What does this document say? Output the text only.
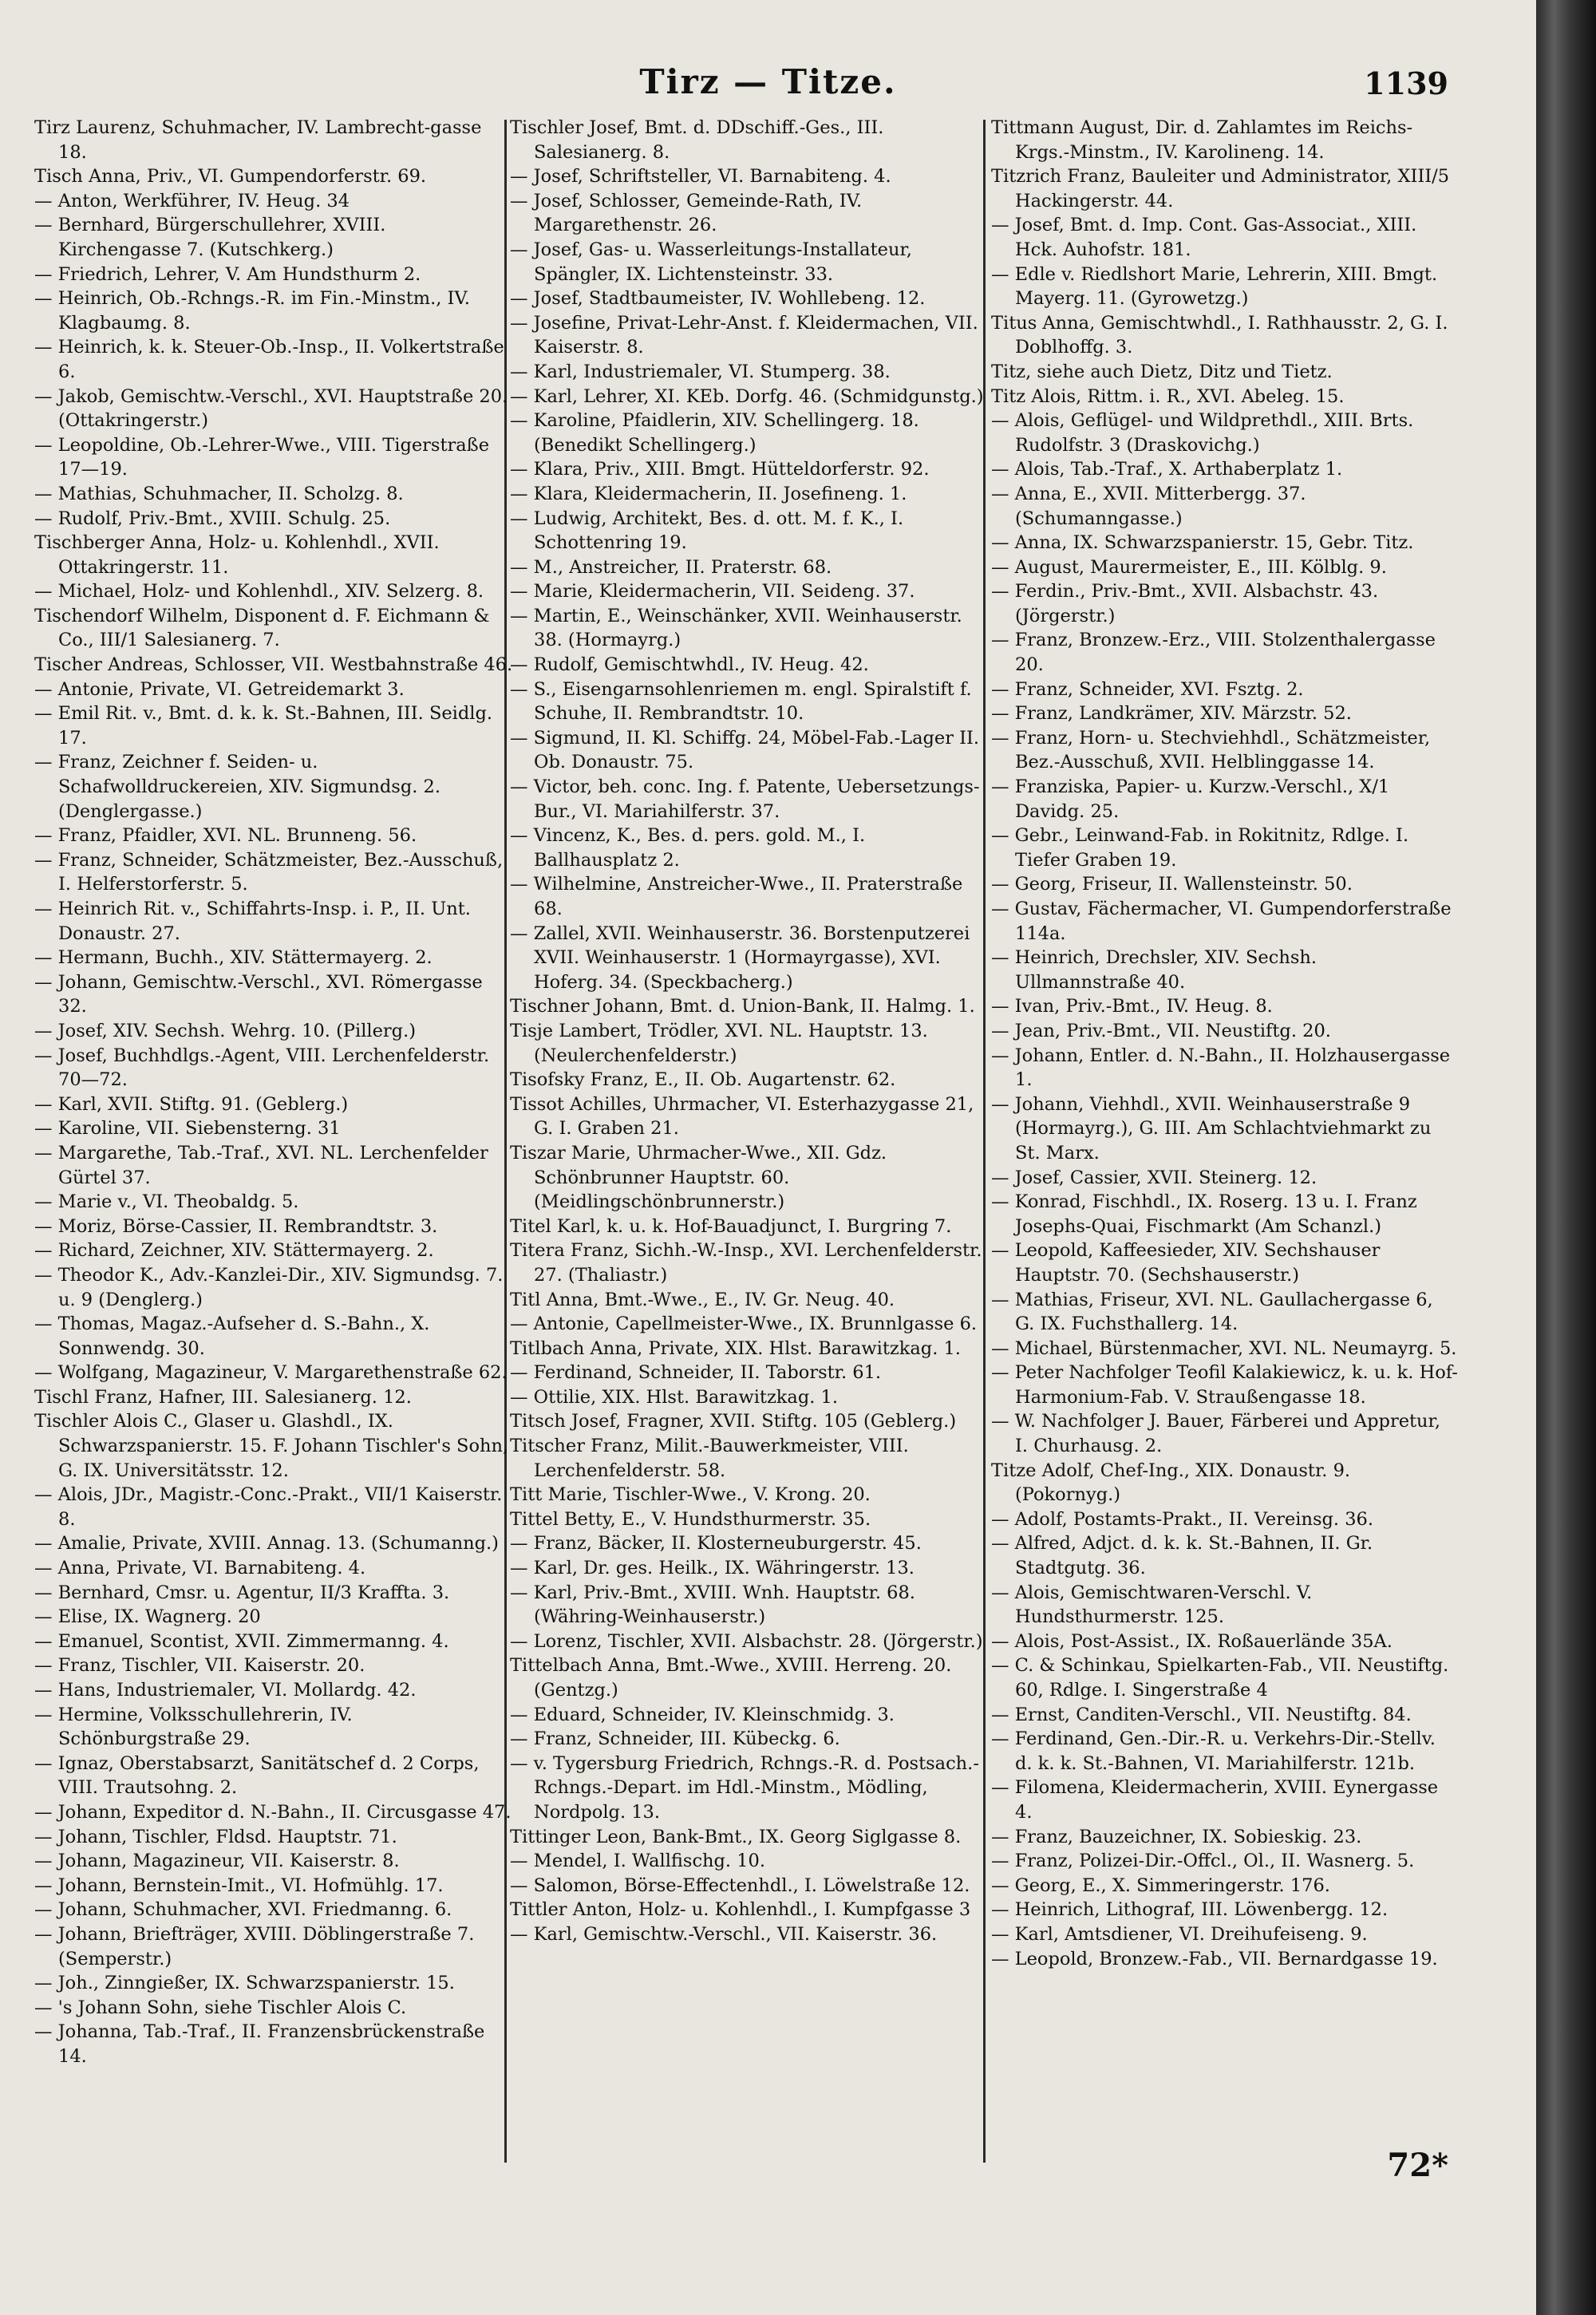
Tirz — Titze.	1139

Tirz Laurenz, Schuhmacher, IV. Lambrecht-gasse 18.

Tisch Anna, Priv., VI. Gumpendorferstr. 69.

— Anton, Werkführer, IV. Heug. 34

— Bernhard, Bürgerschullehrer, XVIII. Kirchengasse 7. (Kutschkerg.)

— Friedrich, Lehrer, V. Am Hundsthurm 2.

— Heinrich, Ob.-Rchngs.-R. im Fin.-Minstm., IV. Klagbaumg. 8.

— Heinrich, k. k. Steuer-Ob.-Insp., II. Volkertstraße 6.

— Jakob, Gemischtw.-Verschl., XVI. Hauptstraße 20. (Ottakringerstr.)

— Leopoldine, Ob.-Lehrer-Wwe., VIII. Tigerstraße 17—19.

— Mathias, Schuhmacher, II. Scholzg. 8.

— Rudolf, Priv.-Bmt., XVIII. Schulg. 25.

Tischberger Anna, Holz- u. Kohlenhdl., XVII. Ottakringerstr. 11.

— Michael, Holz- und Kohlenhdl., XIV. Selzerg. 8.

Tischendorf Wilhelm, Disponent d. F. Eichmann & Co., III/1 Salesianerg. 7.

Tischer Andreas, Schlosser, VII. Westbahnstraße 46.

— Antonie, Private, VI. Getreidemarkt 3.

— Emil Rit. v., Bmt. d. k. k. St.-Bahnen, III. Seidlg. 17.

— Franz, Zeichner f. Seiden- u. Schafwolldruckereien, XIV. Sigmundsg. 2. (Denglergasse.)

— Franz, Pfaidler, XVI. NL. Brunneng. 56.

— Franz, Schneider, Schätzmeister, Bez.-Ausschuß, I. Helferstorferstr. 5.

— Heinrich Rit. v., Schiffahrts-Insp. i. P., II. Unt. Donaustr. 27.

— Hermann, Buchh., XIV. Stättermayerg. 2.

— Johann, Gemischtw.-Verschl., XVI. Römergasse 32.

— Josef, XIV. Sechsh. Wehrg. 10. (Pillerg.)

— Josef, Buchhdlgs.-Agent, VIII. Lerchenfelderstr. 70—72.

— Karl, XVII. Stiftg. 91. (Geblerg.)

— Karoline, VII. Siebensterng. 31

— Margarethe, Tab.-Traf., XVI. NL. Lerchenfelder Gürtel 37.

— Marie v., VI. Theobaldg. 5.

— Moriz, Börse-Cassier, II. Rembrandtstr. 3.

— Richard, Zeichner, XIV. Stättermayerg. 2.

— Theodor K., Adv.-Kanzlei-Dir., XIV. Sigmundsg. 7. u. 9 (Denglerg.)

— Thomas, Magaz.-Aufseher d. S.-Bahn., X. Sonnwendg. 30.

— Wolfgang, Magazineur, V. Margarethenstraße 62.

Tischl Franz, Hafner, III. Salesianerg. 12.

Tischler Alois C., Glaser u. Glashdl., IX. Schwarzspanierstr. 15. F. Johann Tischler's Sohn, G. IX. Universitätsstr. 12.

— Alois, JDr., Magistr.-Conc.-Prakt., VII/1 Kaiserstr. 8.

— Amalie, Private, XVIII. Annag. 13. (Schumanng.)

— Anna, Private, VI. Barnabiteng. 4.

— Bernhard, Cmsr. u. Agentur, II/3 Kraffta. 3.

— Elise, IX. Wagnerg. 20

— Emanuel, Scontist, XVII. Zimmermanng. 4.

— Franz, Tischler, VII. Kaiserstr. 20.

— Hans, Industriemaler, VI. Mollardg. 42.

— Hermine, Volksschullehrerin, IV. Schönburgstraße 29.

— Ignaz, Oberstabsarzt, Sanitätschef d. 2 Corps, VIII. Trautsohng. 2.

— Johann, Expeditor d. N.-Bahn., II. Circusgasse 47.

— Johann, Tischler, Fldsd. Hauptstr. 71.

— Johann, Magazineur, VII. Kaiserstr. 8.

— Johann, Bernstein-Imit., VI. Hofmühlg. 17.

— Johann, Schuhmacher, XVI. Friedmanng. 6.

— Johann, Briefträger, XVIII. Döblingerstraße 7. (Semperstr.)

— Joh., Zinngießer, IX. Schwarzspanierstr. 15.

— 's Johann Sohn, siehe Tischler Alois C.

— Johanna, Tab.-Traf., II. Franzensbrückenstraße 14.

Tischler Josef, Bmt. d. DDschiff.-Ges., III. Salesianerg. 8.

— Josef, Schriftsteller, VI. Barnabiteng. 4.

— Josef, Schlosser, Gemeinde-Rath, IV. Margarethenstr. 26.

— Josef, Gas- u. Wasserleitungs-Installateur, Spängler, IX. Lichtensteinstr. 33.

— Josef, Stadtbaumeister, IV. Wohllebeng. 12.

— Josefine, Privat-Lehr-Anst. f. Kleidermachen, VII. Kaiserstr. 8.

— Karl, Industriemaler, VI. Stumperg. 38.

— Karl, Lehrer, XI. KEb. Dorfg. 46. (Schmidgunstg.)

— Karoline, Pfaidlerin, XIV. Schellingerg. 18. (Benedikt Schellingerg.)

— Klara, Priv., XIII. Bmgt. Hütteldorferstr. 92.

— Klara, Kleidermacherin, II. Josefineng. 1.

— Ludwig, Architekt, Bes. d. ott. M. f. K., I. Schottenring 19.

— M., Anstreicher, II. Praterstr. 68.

— Marie, Kleidermacherin, VII. Seideng. 37.

— Martin, E., Weinschänker, XVII. Weinhauserstr. 38. (Hormayrg.)

— Rudolf, Gemischtwhdl., IV. Heug. 42.

— S., Eisengarnsohlenriemen m. engl. Spiralstift f. Schuhe, II. Rembrandtstr. 10.

— Sigmund, II. Kl. Schiffg. 24, Möbel-Fab.-Lager II. Ob. Donaustr. 75.

— Victor, beh. conc. Ing. f. Patente, Uebersetzungs-Bur., VI. Mariahilferstr. 37.

— Vincenz, K., Bes. d. pers. gold. M., I. Ballhausplatz 2.

— Wilhelmine, Anstreicher-Wwe., II. Praterstraße 68.

— Zallel, XVII. Weinhauserstr. 36. Borstenputzerei XVII. Weinhauserstr. 1 (Hormayrgasse), XVI. Hoferg. 34. (Speckbacherg.)

Tischner Johann, Bmt. d. Union-Bank, II. Halmg. 1.

Tisje Lambert, Trödler, XVI. NL. Hauptstr. 13. (Neulerchenfelderstr.)

Tisofsky Franz, E., II. Ob. Augartenstr. 62.

Tissot Achilles, Uhrmacher, VI. Esterhazygasse 21, G. I. Graben 21.

Tiszar Marie, Uhrmacher-Wwe., XII. Gdz. Schönbrunner Hauptstr. 60. (Meidlingschönbrunnerstr.)

Titel Karl, k. u. k. Hof-Bauadjunct, I. Burgring 7.

Titera Franz, Sichh.-W.-Insp., XVI. Lerchenfelderstr. 27. (Thaliastr.)

Titl Anna, Bmt.-Wwe., E., IV. Gr. Neug. 40.

— Antonie, Capellmeister-Wwe., IX. Brunnlgasse 6.

Titlbach Anna, Private, XIX. Hlst. Barawitzkag. 1.

— Ferdinand, Schneider, II. Taborstr. 61.

— Ottilie, XIX. Hlst. Barawitzkag. 1.

Titsch Josef, Fragner, XVII. Stiftg. 105 (Geblerg.)

Titscher Franz, Milit.-Bauwerkmeister, VIII. Lerchenfelderstr. 58.

Titt Marie, Tischler-Wwe., V. Krong. 20.

Tittel Betty, E., V. Hundsthurmerstr. 35.

— Franz, Bäcker, II. Klosterneuburgerstr. 45.

— Karl, Dr. ges. Heilk., IX. Währingerstr. 13.

— Karl, Priv.-Bmt., XVIII. Wnh. Hauptstr. 68. (Währing-Weinhauserstr.)

— Lorenz, Tischler, XVII. Alsbachstr. 28. (Jörgerstr.)

Tittelbach Anna, Bmt.-Wwe., XVIII. Herreng. 20. (Gentzg.)

— Eduard, Schneider, IV. Kleinschmidg. 3.

— Franz, Schneider, III. Kübeckg. 6.

— v. Tygersburg Friedrich, Rchngs.-R. d. Postsach.-Rchngs.-Depart. im Hdl.-Minstm., Mödling, Nordpolg. 13.

Tittinger Leon, Bank-Bmt., IX. Georg Siglgasse 8.

— Mendel, I. Wallfischg. 10.

— Salomon, Börse-Effectenhdl., I. Löwelstraße 12.

Tittler Anton, Holz- u. Kohlenhdl., I. Kumpfgasse 3

— Karl, Gemischtw.-Verschl., VII. Kaiserstr. 36.

Tittmann August, Dir. d. Zahlamtes im Reichs-Krgs.-Minstm., IV. Karolineng. 14.

Titzrich Franz, Bauleiter und Administrator, XIII/5 Hackingerstr. 44.

— Josef, Bmt. d. Imp. Cont. Gas-Associat., XIII. Hck. Auhofstr. 181.

— Edle v. Riedlshort Marie, Lehrerin, XIII. Bmgt. Mayerg. 11. (Gyrowetzg.)

Titus Anna, Gemischtwhdl., I. Rathhausstr. 2, G. I. Doblhoffg. 3.

Titz, siehe auch Dietz, Ditz und Tietz.

Titz Alois, Rittm. i. R., XVI. Abeleg. 15.

— Alois, Geflügel- und Wildprethdl., XIII. Brts. Rudolfstr. 3 (Draskovichg.)

— Alois, Tab.-Traf., X. Arthaberplatz 1.

— Anna, E., XVII. Mitterbergg. 37. (Schumanngasse.)

— Anna, IX. Schwarzspanierstr. 15, Gebr. Titz.

— August, Maurermeister, E., III. Kölblg. 9.

— Ferdin., Priv.-Bmt., XVII. Alsbachstr. 43. (Jörgerstr.)

— Franz, Bronzew.-Erz., VIII. Stolzenthalergasse 20.

— Franz, Schneider, XVI. Fsztg. 2.

— Franz, Landkrämer, XIV. Märzstr. 52.

— Franz, Horn- u. Stechviehhdl., Schätzmeister, Bez.-Ausschuß, XVII. Helblinggasse 14.

— Franziska, Papier- u. Kurzw.-Verschl., X/1 Davidg. 25.

— Gebr., Leinwand-Fab. in Rokitnitz, Rdlge. I. Tiefer Graben 19.

— Georg, Friseur, II. Wallensteinstr. 50.

— Gustav, Fächermacher, VI. Gumpendorferstraße 114a.

— Heinrich, Drechsler, XIV. Sechsh. Ullmannstraße 40.

— Ivan, Priv.-Bmt., IV. Heug. 8.

— Jean, Priv.-Bmt., VII. Neustiftg. 20.

— Johann, Entler. d. N.-Bahn., II. Holzhausergasse 1.

— Johann, Viehhdl., XVII. Weinhauserstraße 9 (Hormayrg.), G. III. Am Schlachtviehmarkt zu St. Marx.

— Josef, Cassier, XVII. Steinerg. 12.

— Konrad, Fischhdl., IX. Roserg. 13 u. I. Franz Josephs-Quai, Fischmarkt (Am Schanzl.)

— Leopold, Kaffeesieder, XIV. Sechshauser Hauptstr. 70. (Sechshauserstr.)

— Mathias, Friseur, XVI. NL. Gaullachergasse 6, G. IX. Fuchsthallerg. 14.

— Michael, Bürstenmacher, XVI. NL. Neumayrg. 5.

— Peter Nachfolger Teofil Kalakiewicz, k. u. k. Hof-Harmonium-Fab. V. Straußengasse 18.

— W. Nachfolger J. Bauer, Färberei und Appretur, I. Churhausg. 2.

Titze Adolf, Chef-Ing., XIX. Donaustr. 9. (Pokornyg.)

— Adolf, Postamts-Prakt., II. Vereinsg. 36.

— Alfred, Adjct. d. k. k. St.-Bahnen, II. Gr. Stadtgutg. 36.

— Alois, Gemischtwaren-Verschl. V. Hundsthurmerstr. 125.

— Alois, Post-Assist., IX. Roßauerlände 35A.

— C. & Schinkau, Spielkarten-Fab., VII. Neustiftg. 60, Rdlge. I. Singerstraße 4

— Ernst, Canditen-Verschl., VII. Neustiftg. 84.

— Ferdinand, Gen.-Dir.-R. u. Verkehrs-Dir.-Stellv. d. k. k. St.-Bahnen, VI. Mariahilferstr. 121b.

— Filomena, Kleidermacherin, XVIII. Eynergasse 4.

— Franz, Bauzeichner, IX. Sobieskig. 23.

— Franz, Polizei-Dir.-Offcl., Ol., II. Wasnerg. 5.

— Georg, E., X. Simmeringerstr. 176.

— Heinrich, Lithograf, III. Löwenbergg. 12.

— Karl, Amtsdiener, VI. Dreihufeiseng. 9.

— Leopold, Bronzew.-Fab., VII. Bernardgasse 19.

72*
